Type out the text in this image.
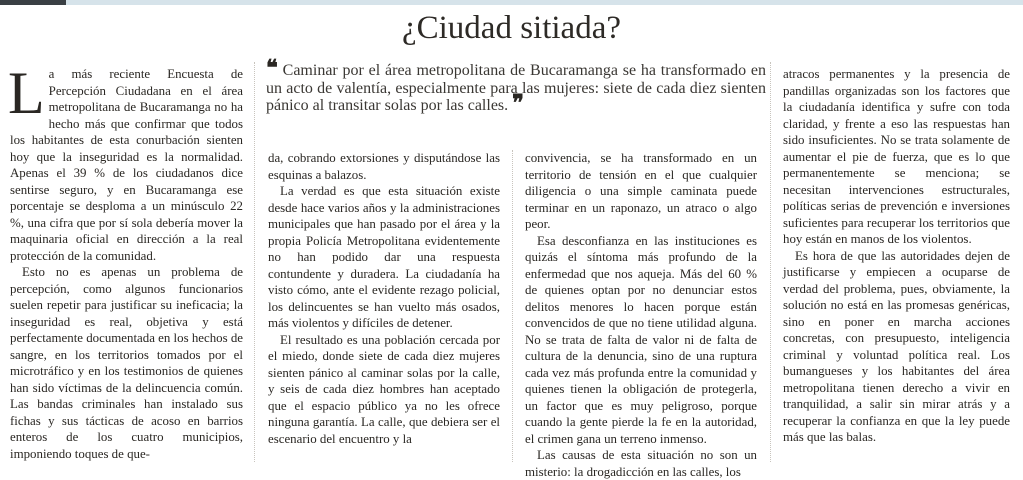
¿Ciudad sitiada?
❝ Caminar por el área metropolitana de Bucaramanga se ha transformado en un acto de valentía, especialmente para las mujeres: siete de cada diez sienten pánico al transitar solas por las calles. ❞

La más reciente Encuesta de Percepción Ciudadana en el área metropolitana de Bucaramanga no ha hecho más que confirmar que todos los habitantes de esta conurbación sienten hoy que la inseguridad es la normalidad. Apenas el 39 % de los ciudadanos dice sentirse seguro, y en Bucaramanga ese porcentaje se desploma a un minúsculo 22 %, una cifra que por sí sola debería mover la maquinaria oficial en dirección a la real protección de la comunidad.

Esto no es apenas un problema de percepción, como algunos funcionarios suelen repetir para justificar su ineficacia; la inseguridad es real, objetiva y está perfectamente documentada en los hechos de sangre, en los territorios tomados por el microtráfico y en los testimonios de quienes han sido víctimas de la delincuencia común. Las bandas criminales han instalado sus fichas y sus tácticas de acoso en barrios enteros de los cuatro municipios, imponiendo toques de que-

da, cobrando extorsiones y disputándose las esquinas a balazos.

La verdad es que esta situación existe desde hace varios años y la administraciones municipales que han pasado por el área y la propia Policía Metropolitana evidentemente no han podido dar una respuesta contundente y duradera. La ciudadanía ha visto cómo, ante el evidente rezago policial, los delincuentes se han vuelto más osados, más violentos y difíciles de detener.

El resultado es una población cercada por el miedo, donde siete de cada diez mujeres sienten pánico al caminar solas por la calle, y seis de cada diez hombres han aceptado que el espacio público ya no les ofrece ninguna garantía. La calle, que debiera ser el escenario del encuentro y la

convivencia, se ha transformado en un territorio de tensión en el que cualquier diligencia o una simple caminata puede terminar en un raponazo, un atraco o algo peor.

Esa desconfianza en las instituciones es quizás el síntoma más profundo de la enfermedad que nos aqueja. Más del 60 % de quienes optan por no denunciar estos delitos menores lo hacen porque están convencidos de que no tiene utilidad alguna. No se trata de falta de valor ni de falta de cultura de la denuncia, sino de una ruptura cada vez más profunda entre la comunidad y quienes tienen la obligación de protegerla, un factor que es muy peligroso, porque cuando la gente pierde la fe en la autoridad, el crimen gana un terreno inmenso.

Las causas de esta situación no son un misterio: la drogadicción en las calles, los

atracos permanentes y la presencia de pandillas organizadas son los factores que la ciudadanía identifica y sufre con toda claridad, y frente a eso las respuestas han sido insuficientes. No se trata solamente de aumentar el pie de fuerza, que es lo que permanentemente se menciona; se necesitan intervenciones estructurales, políticas serias de prevención e inversiones suficientes para recuperar los territorios que hoy están en manos de los violentos.

Es hora de que las autoridades dejen de justificarse y empiecen a ocuparse de verdad del problema, pues, obviamente, la solución no está en las promesas genéricas, sino en poner en marcha acciones concretas, con presupuesto, inteligencia criminal y voluntad política real. Los bumangueses y los habitantes del área metropolitana tienen derecho a vivir en tranquilidad, a salir sin mirar atrás y a recuperar la confianza en que la ley puede más que las balas.
